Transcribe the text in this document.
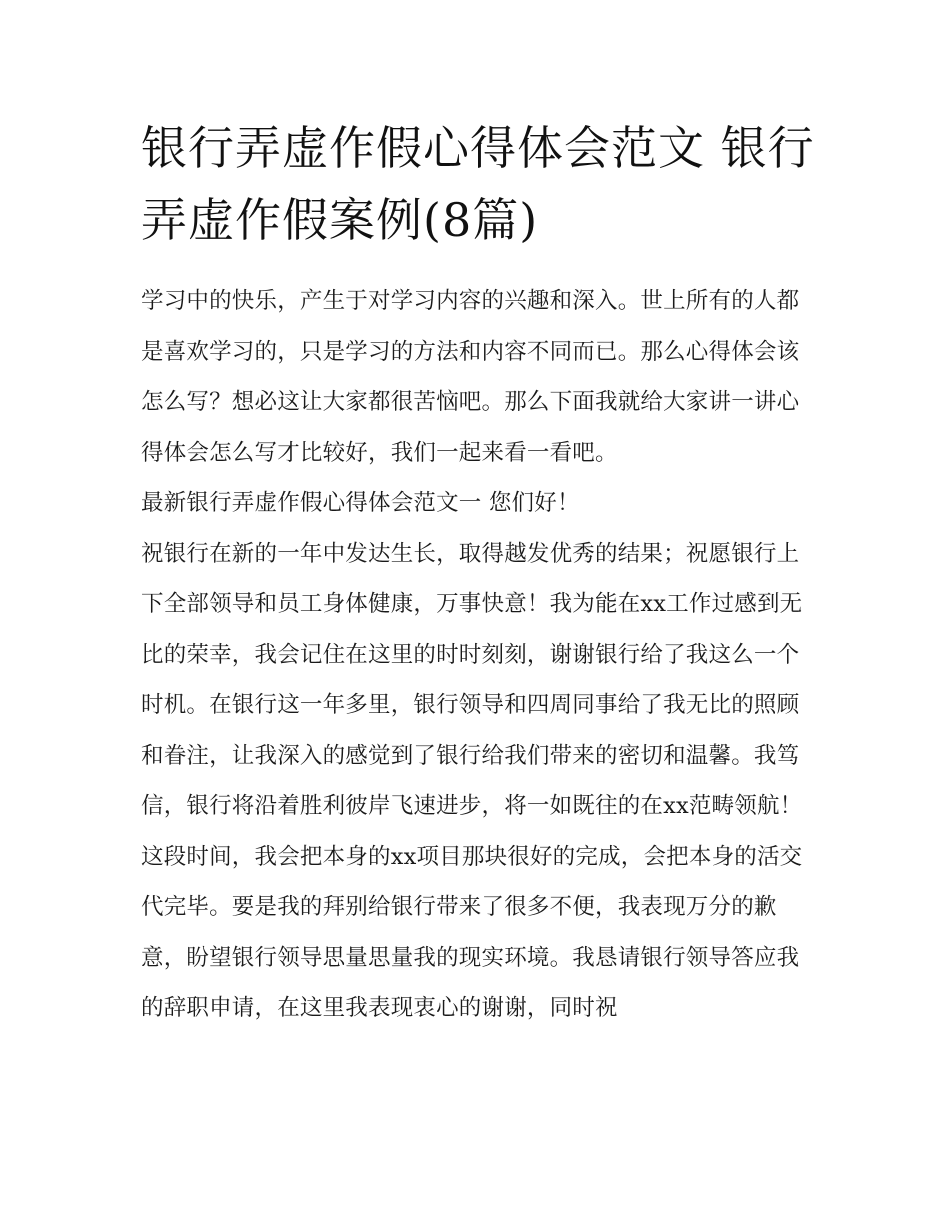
银行弄虚作假心得体会范文 银行弄虚作假案例(8篇)

学习中的快乐，产生于对学习内容的兴趣和深入。世上所有的人都是喜欢学习的，只是学习的方法和内容不同而已。那么心得体会该怎么写？想必这让大家都很苦恼吧。那么下面我就给大家讲一讲心得体会怎么写才比较好，我们一起来看一看吧。

最新银行弄虚作假心得体会范文一 您们好！

祝银行在新的一年中发达生长，取得越发优秀的结果；祝愿银行上下全部领导和员工身体健康，万事快意！我为能在xx工作过感到无比的荣幸，我会记住在这里的时时刻刻，谢谢银行给了我这么一个时机。在银行这一年多里，银行领导和四周同事给了我无比的照顾和眷注，让我深入的感觉到了银行给我们带来的密切和温馨。我笃信，银行将沿着胜利彼岸飞速进步，将一如既往的在xx范畴领航！

这段时间，我会把本身的xx项目那块很好的完成，会把本身的活交代完毕。要是我的拜别给银行带来了很多不便，我表现万分的歉意，盼望银行领导思量思量我的现实环境。我恳请银行领导答应我的辞职申请，在这里我表现衷心的谢谢，同时祝
